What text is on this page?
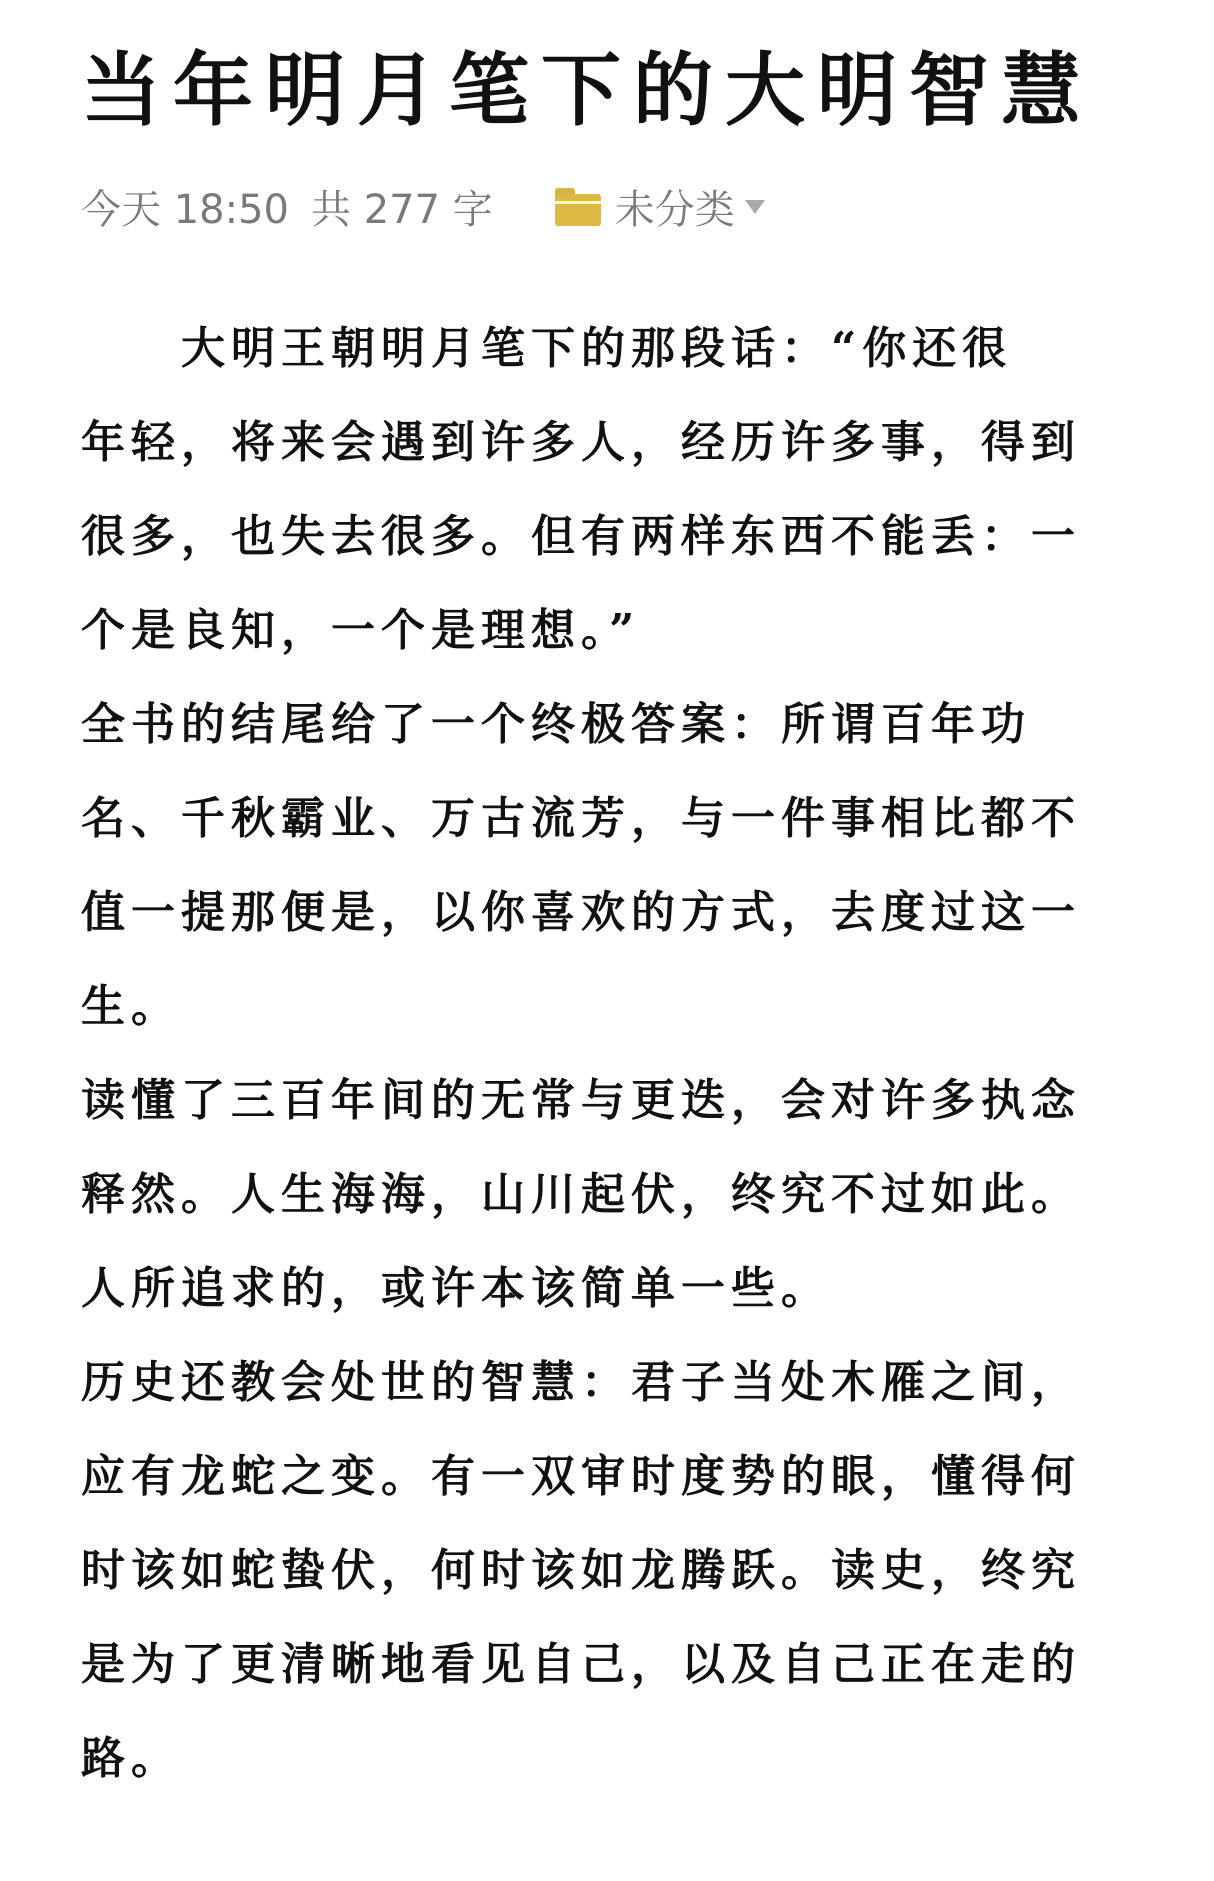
当年明月笔下的大明智慧
今天 18:50 共 277 字	未分类
大明王朝明月笔下的那段话：“你还很
年轻，将来会遇到许多人，经历许多事，得到
很多，也失去很多。但有两样东西不能丢：一
个是良知，一个是理想。”
全书的结尾给了一个终极答案：所谓百年功
名、千秋霸业、万古流芳，与一件事相比都不
值一提那便是，以你喜欢的方式，去度过这一
生。
读懂了三百年间的无常与更迭，会对许多执念
释然。人生海海，山川起伏，终究不过如此。
人所追求的，或许本该简单一些。
历史还教会处世的智慧：君子当处木雁之间，
应有龙蛇之变。有一双审时度势的眼，懂得何
时该如蛇蛰伏，何时该如龙腾跃。读史，终究
是为了更清晰地看见自己，以及自己正在走的
路。
